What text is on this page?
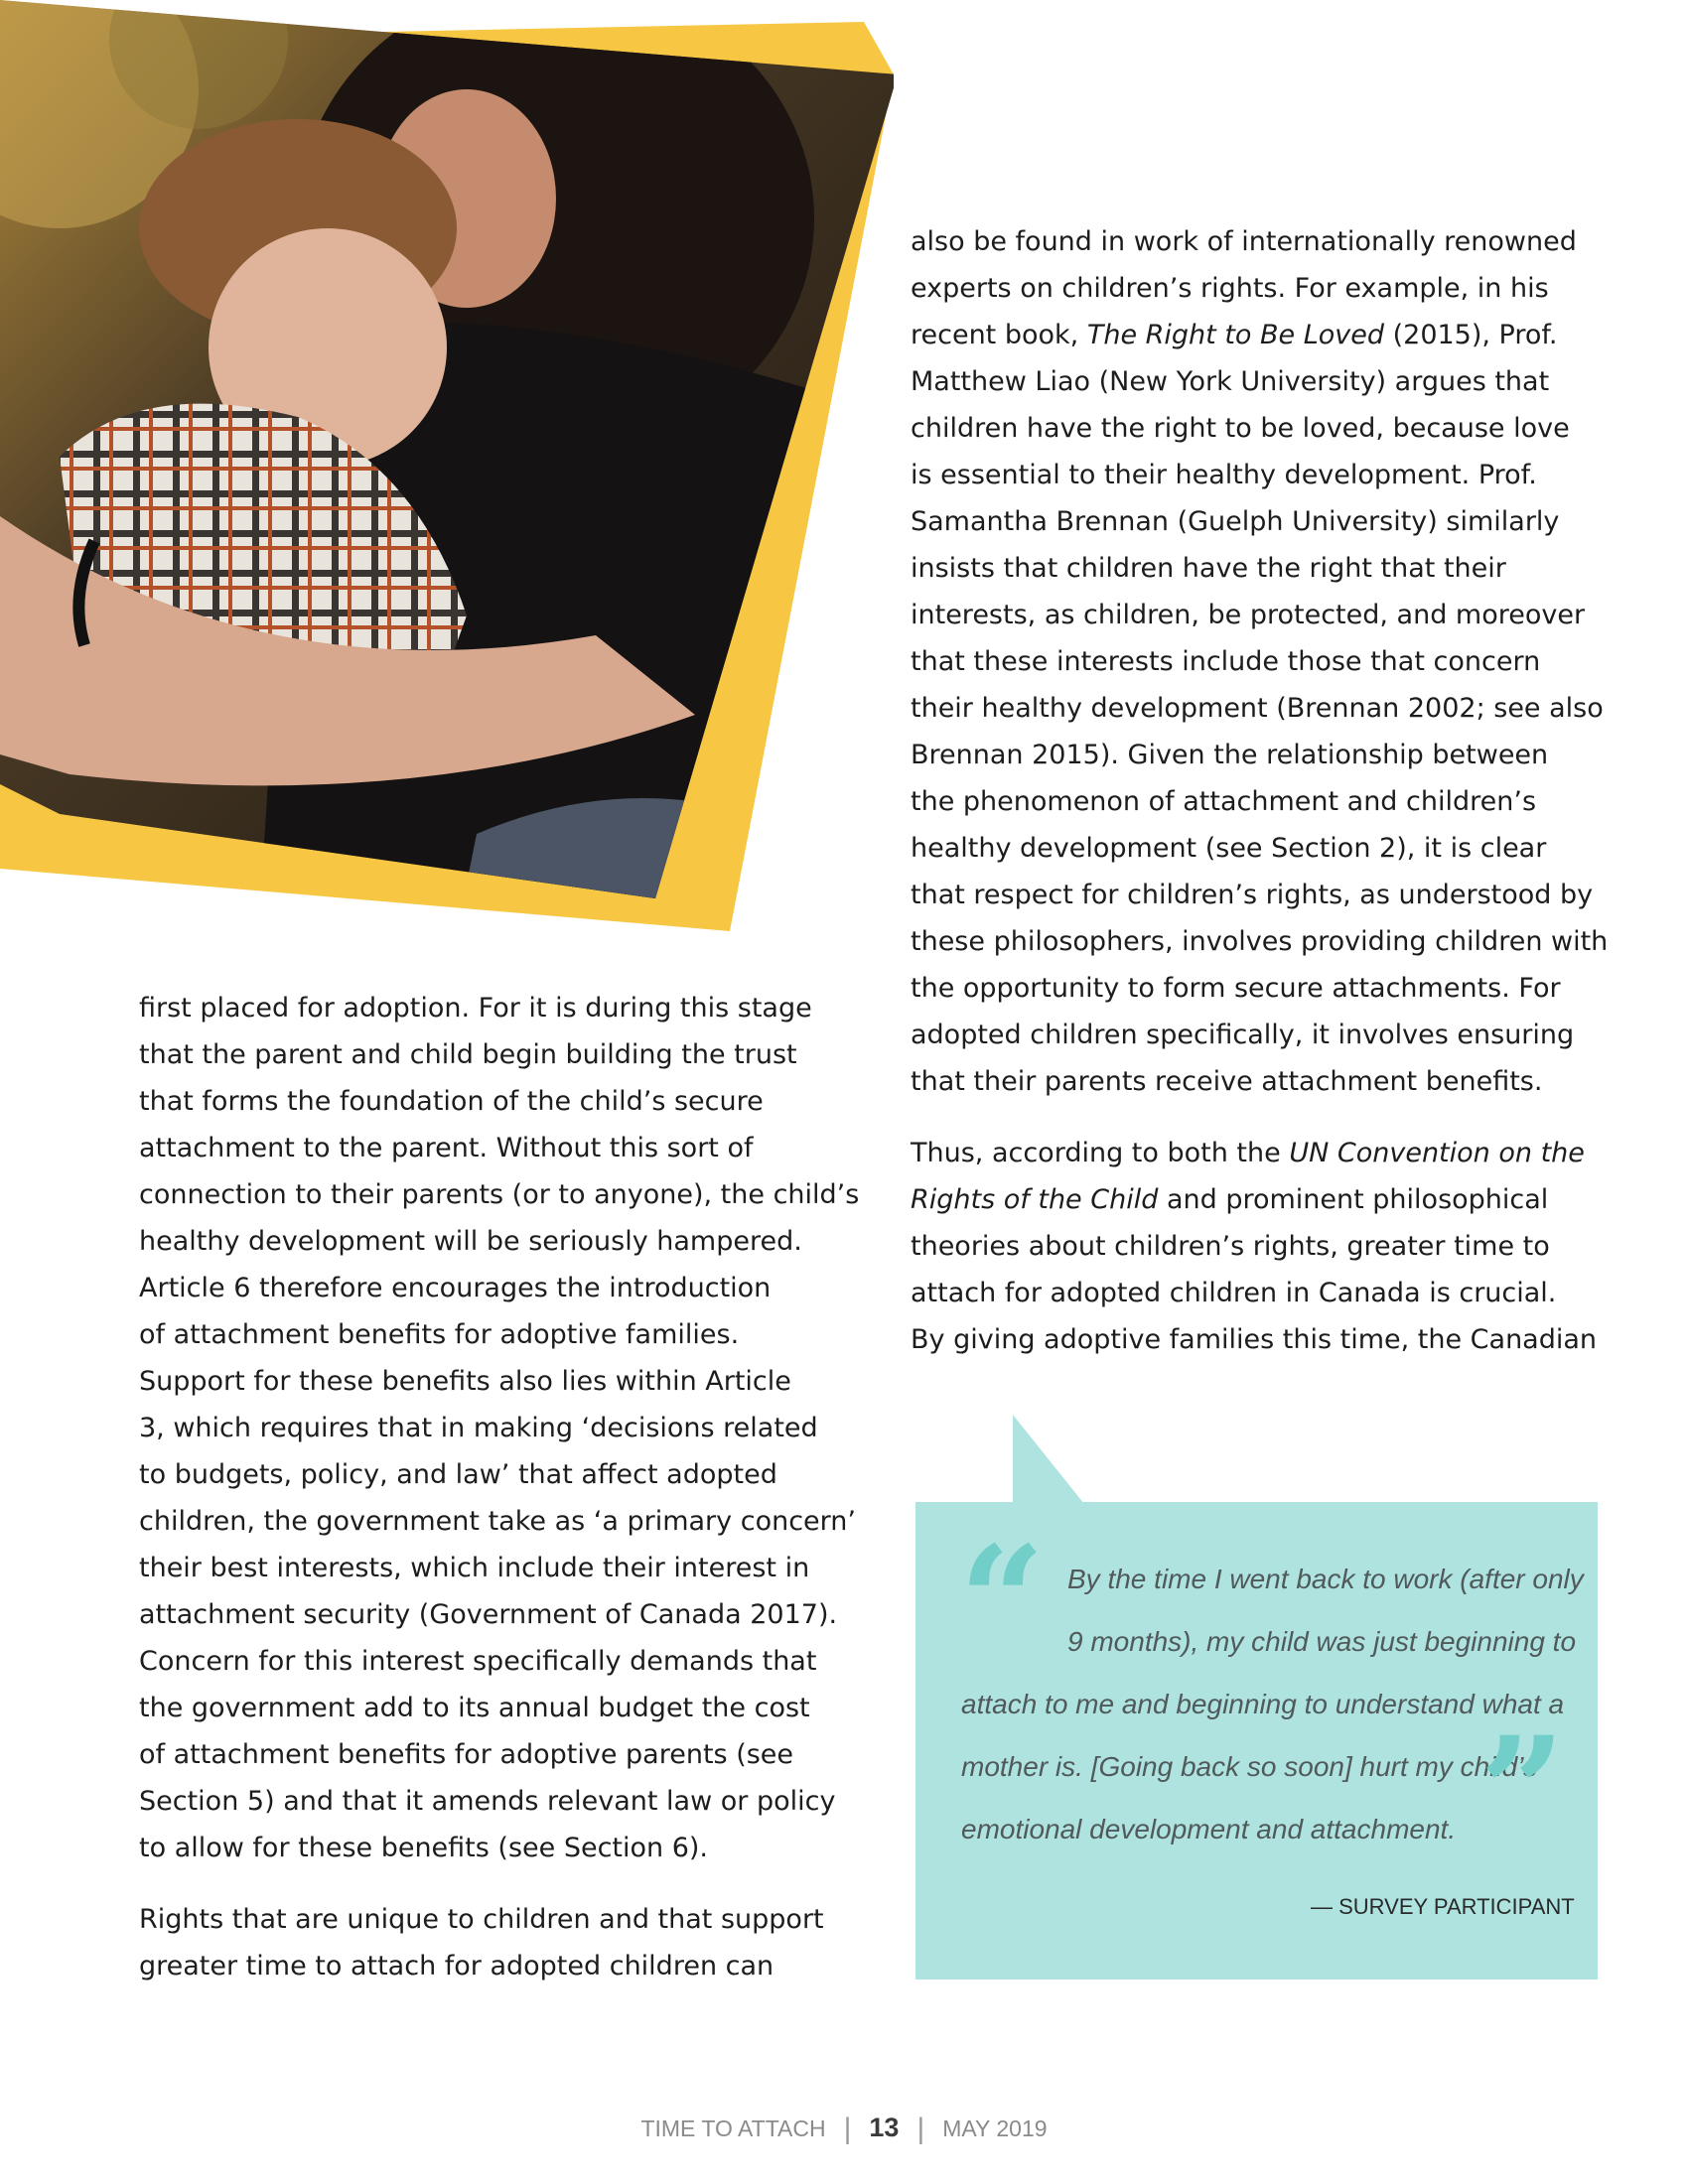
first placed for adoption. For it is during this stage
that the parent and child begin building the trust
that forms the foundation of the child’s secure
attachment to the parent. Without this sort of
connection to their parents (or to anyone), the child’s
healthy development will be seriously hampered.
Article 6 therefore encourages the introduction
of attachment benefits for adoptive families.
Support for these benefits also lies within Article
3, which requires that in making ‘decisions related
to budgets, policy, and law’ that affect adopted
children, the government take as ‘a primary concern’
their best interests, which include their interest in
attachment security (Government of Canada 2017).
Concern for this interest specifically demands that
the government add to its annual budget the cost
of attachment benefits for adoptive parents (see
Section 5) and that it amends relevant law or policy
to allow for these benefits (see Section 6).

Rights that are unique to children and that support
greater time to attach for adopted children can

also be found in work of internationally renowned
experts on children’s rights. For example, in his
recent book, The Right to Be Loved (2015), Prof.
Matthew Liao (New York University) argues that
children have the right to be loved, because love
is essential to their healthy development. Prof.
Samantha Brennan (Guelph University) similarly
insists that children have the right that their
interests, as children, be protected, and moreover
that these interests include those that concern
their healthy development (Brennan 2002; see also
Brennan 2015). Given the relationship between
the phenomenon of attachment and children’s
healthy development (see Section 2), it is clear
that respect for children’s rights, as understood by
these philosophers, involves providing children with
the opportunity to form secure attachments. For
adopted children specifically, it involves ensuring
that their parents receive attachment benefits.

Thus, according to both the UN Convention on the
Rights of the Child and prominent philosophical
theories about children’s rights, greater time to
attach for adopted children in Canada is crucial.
By giving adoptive families this time, the Canadian

“ By the time I went back to work (after only
9 months), my child was just beginning to
attach to me and beginning to understand what a
mother is. [Going back so soon] hurt my child’s
emotional development and attachment. ”
— SURVEY PARTICIPANT
TIME TO ATTACH | 13 | MAY 2019
